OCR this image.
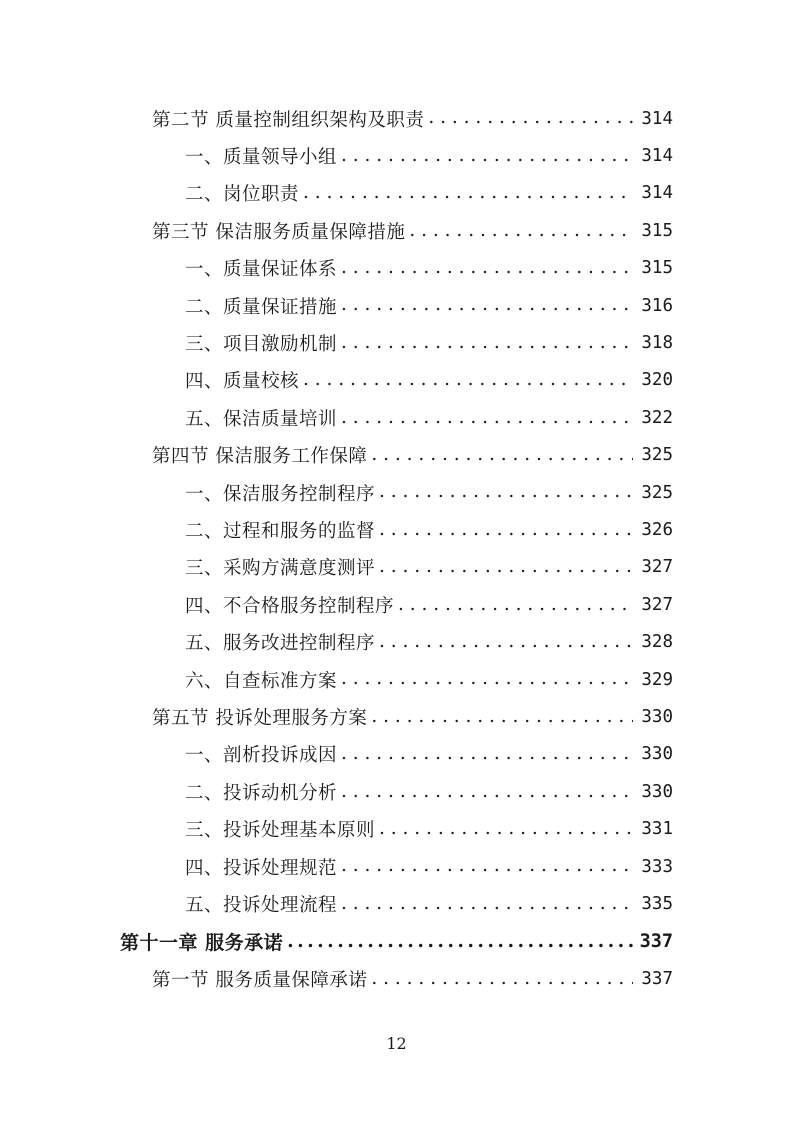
第二节 质量控制组织架构及职责 . . .	314
一、质量领导小组 . . .	314
二、岗位职责 . . .	314
第三节 保洁服务质量保障措施 . . .	315
一、质量保证体系 . . .	315
二、质量保证措施 . . .	316
三、项目激励机制 . . .	318
四、质量校核 . . .	320
五、保洁质量培训 . . .	322
第四节 保洁服务工作保障 . . .	325
一、保洁服务控制程序 . . .	325
二、过程和服务的监督 . . .	326
三、采购方满意度测评 . . .	327
四、不合格服务控制程序 . . .	327
五、服务改进控制程序 . . .	328
六、自查标准方案 . . .	329
第五节 投诉处理服务方案 . . .	330
一、剖析投诉成因 . . .	330
二、投诉动机分析 . . .	330
三、投诉处理基本原则 . . .	331
四、投诉处理规范 . . .	333
五、投诉处理流程 . . .	335
第十一章 服务承诺 .....	337
第一节 服务质量保障承诺 . . .	337
12
